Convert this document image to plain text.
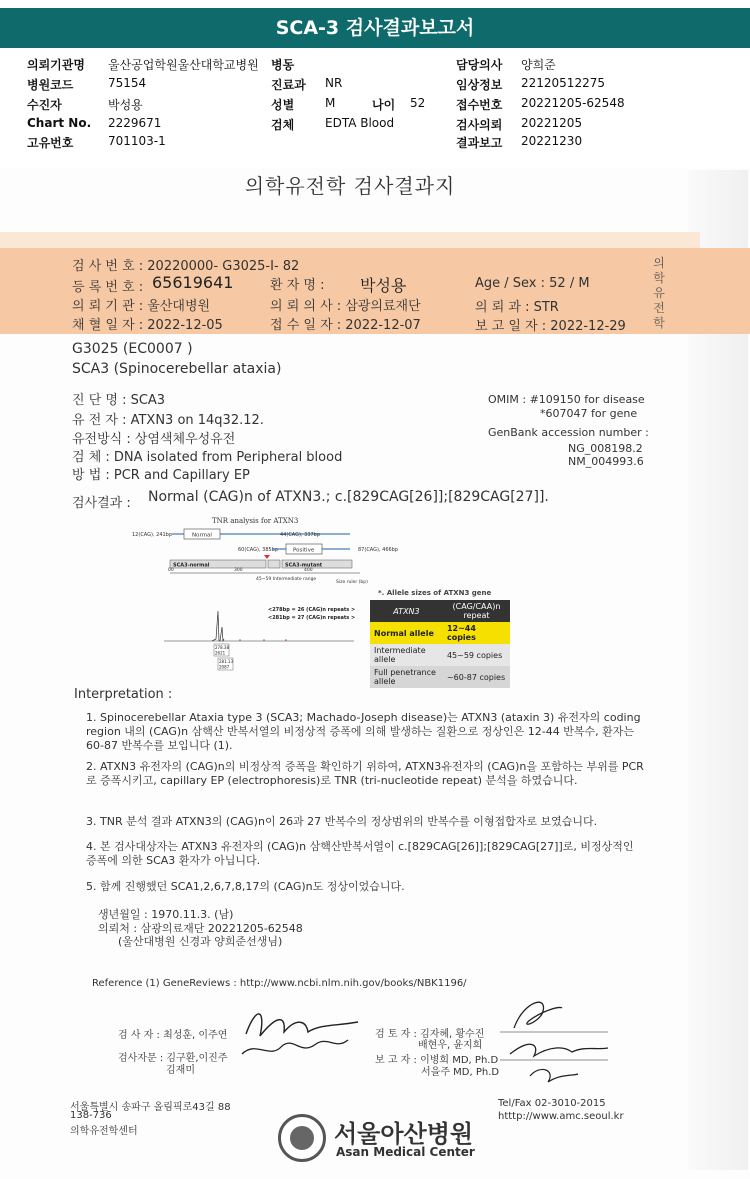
SCA-3 검사결과보고서
의뢰기관명 울산공업학원울산대학교병원 병동	담당의사 양희준
병원코드	75154	진료과 NR	임상정보 22120512275
수진자	박성용	성별	M	나이 52	접수번호 20221205-62548
Chart No. 2229671	검체	EDTA Blood	검사의뢰 20221205
고유번호	701103-1	결과보고 20221230
의학유전학 검사결과지
의학유전학
검 사 번 호 : 20220000- G3025-I- 82
등 록 번 호 : 65619641	환 자 명 : 박성용	Age / Sex : 52 / M
의 뢰 기 관 : 울산대병원	의 뢰 의 사 : 삼광의료재단	의 뢰 과 : STR
채 혈 일 자 : 2022-12-05	접 수 일 자 : 2022-12-07	보 고 일 자 : 2022-12-29
G3025 (EC0007 )
SCA3 (Spinocerebellar ataxia)
진 단 명 : SCA3
유 전 자 : ATXN3 on 14q32.12.
유전방식 : 상염색체우성유전
검 체 : DNA isolated from Peripheral blood
방 법 : PCR and Capillary EP
OMIM : #109150 for disease
*607047 for gene
GenBank accession number :
NG_008198.2
NM_004993.6
검사결과 : Normal (CAG)n of ATXN3.; c.[829CAG[26]];[829CAG[27]].
TNR analysis for ATXN3
12(CAG), 241bp	Normal	44(CAG), 337bp
60(CAG), 385bp	Positive	87(CAG), 466bp
SCA3-normal	SCA3-mutant
00	300	400
45~59 Intermediate range
Size ruler (bp)
<278bp = 26 (CAG)n repeats >
<281bp = 27 (CAG)n repeats >
278.38
2621
281.13
2087
*. Allele sizes of ATXN3 gene
ATXN3	(CAG/CAA)n repeat
Normal allele	12~44 copies
Intermediate allele	45~59 copies
Full penetrance allele	~60-87 copies
Interpretation :
1. Spinocerebellar Ataxia type 3 (SCA3; Machado-Joseph disease)는 ATXN3 (ataxin 3) 유전자의 coding region 내의 (CAG)n 삼핵산 반복서열의 비정상적 증폭에 의해 발생하는 질환으로 정상인은 12-44 반복수, 환자는 60-87 반복수를 보입니다 (1).
2. ATXN3 유전자의 (CAG)n의 비정상적 증폭을 확인하기 위하여, ATXN3유전자의 (CAG)n을 포함하는 부위를 PCR로 증폭시키고, capillary EP (electrophoresis)로 TNR (tri-nucleotide repeat) 분석을 하였습니다.
3. TNR 분석 결과 ATXN3의 (CAG)n이 26과 27 반복수의 정상범위의 반복수를 이형접합자로 보였습니다.
4. 본 검사대상자는 ATXN3 유전자의 (CAG)n 삼핵산반복서열이 c.[829CAG[26]];[829CAG[27]]로, 비정상적인 증폭에 의한 SCA3 환자가 아닙니다.
5. 함께 진행했던 SCA1,2,6,7,8,17의 (CAG)n도 정상이었습니다.
생년월일 : 1970.11.3. (남)
의뢰처 : 삼광의료재단 20221205-62548
(울산대병원 신경과 양희준선생님)
Reference (1) GeneReviews : http://www.ncbi.nlm.nih.gov/books/NBK1196/
검 사 자 : 최성훈, 이주연
검사자문 : 김구환,이진주
김재미
검 토 자 : 김자혜, 황수진
배현우, 윤지희
보 고 자 : 이병희 MD, Ph.D
서을주 MD, Ph.D
서울특별시 송파구 올림픽로43길 88
138-736
의학유전학센터
Tel/Fax 02-3010-2015
htttp://www.amc.seoul.kr
서울아산병원
Asan Medical Center
